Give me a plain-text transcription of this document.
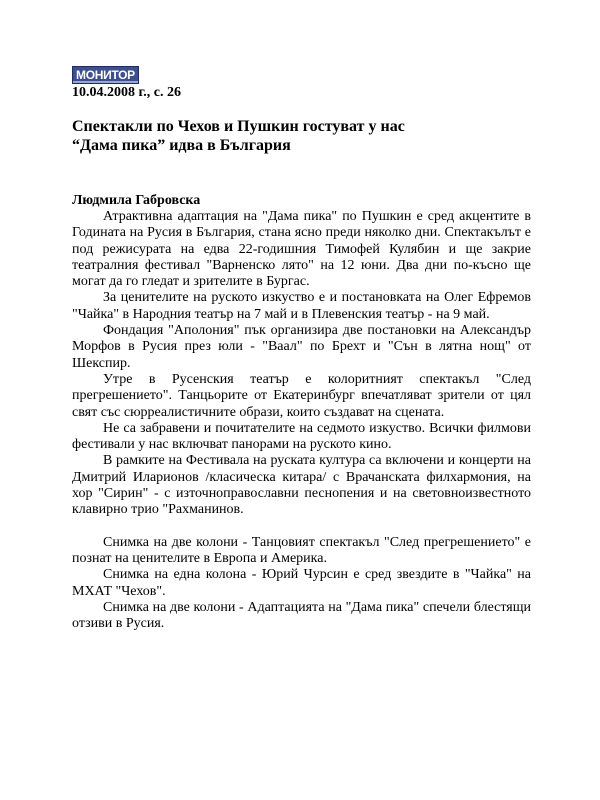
МОНИТОР
10.04.2008 г., с. 26
Спектакли по Чехов и Пушкин гостуват у нас
“Дама пика” идва в България
Людмила Габровска

Атрактивна адаптация на "Дама пика" по Пушкин е сред акцентите в Годината на Русия в България, стана ясно преди няколко дни. Спектакълът е под режисурата на едва 22-годишния Тимофей Кулябин и ще закрие театралния фестивал "Варненско лято" на 12 юни. Два дни по-късно ще могат да го гледат и зрителите в Бургас.

За ценителите на руското изкуство е и постановката на Олег Ефремов "Чайка" в Народния театър на 7 май и в Плевенския театър - на 9 май.

Фондация "Аполония" пък организира две постановки на Александър Морфов в Русия през юли - "Ваал" по Брехт и "Сън в лятна нощ" от Шекспир.

Утре в Русенския театър е колоритният спектакъл "След прегрешението". Танцьорите от Екатеринбург впечатляват зрители от цял свят със сюрреалистичните образи, които създават на сцената.

Не са забравени и почитателите на седмото изкуство. Всички филмови фестивали у нас включват панорами на руското кино.

В рамките на Фестивала на руската култура са включени и концерти на Дмитрий Иларионов /класическа китара/ с Врачанската филхармония, на хор "Сирин" - с източноправославни песнопения и на световноизвестното клавирно трио "Рахманинов.

Снимка на две колони - Танцовият спектакъл "След прегрешението" е познат на ценителите в Европа и Америка.

Снимка на една колона - Юрий Чурсин е сред звездите в "Чайка" на МХАТ "Чехов".

Снимка на две колони - Адаптацията на "Дама пика" спечели блестящи отзиви в Русия.
